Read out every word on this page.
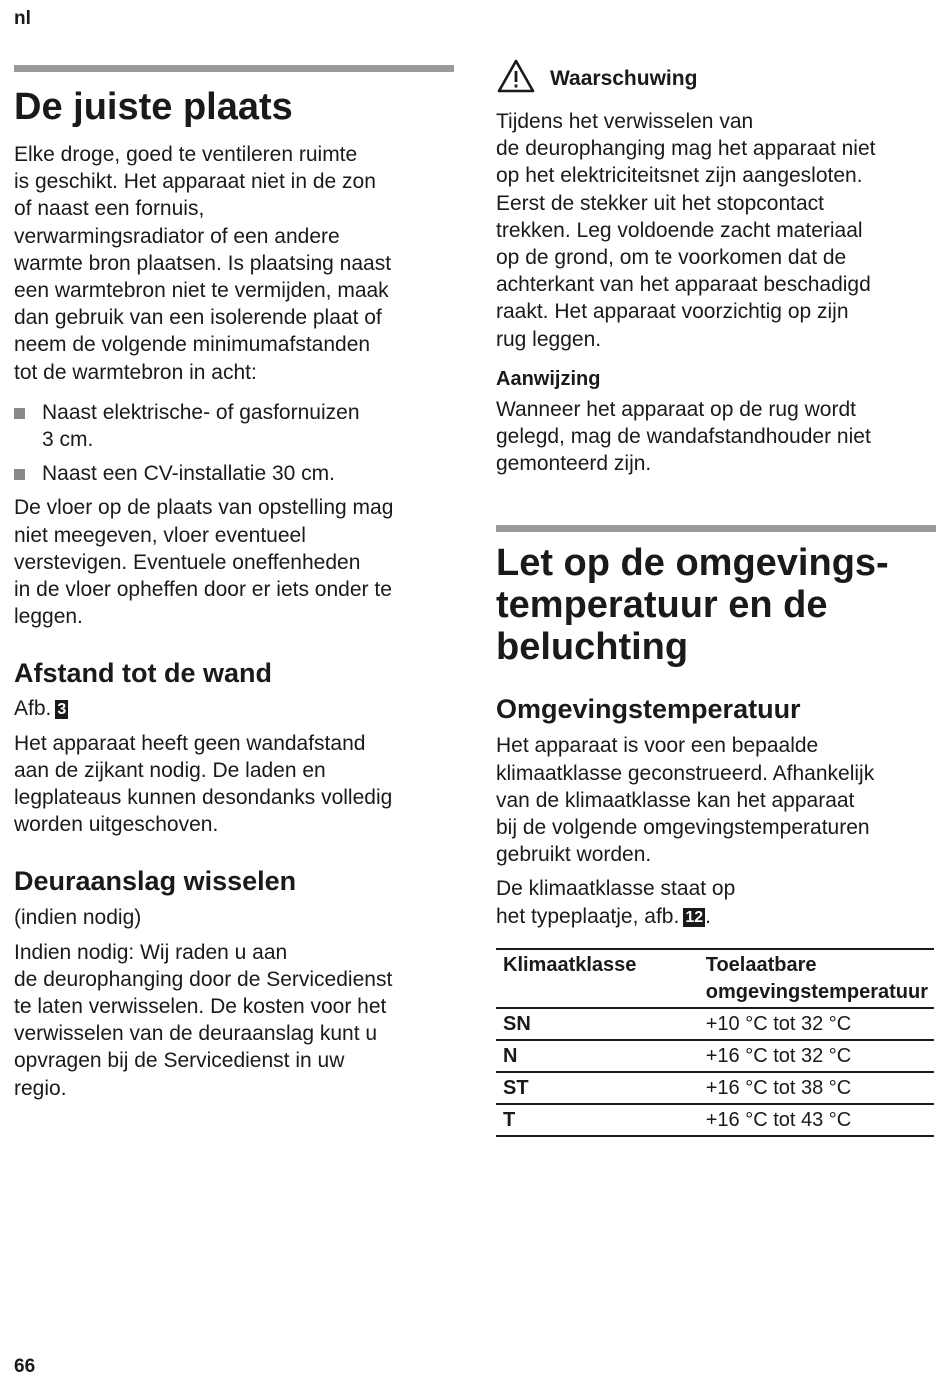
nl
De juiste plaats

Elke droge, goed te ventileren ruimte

is geschikt. Het apparaat niet in de zon

of naast een fornuis,

verwarmingsradiator of een andere

warmte bron plaatsen. Is plaatsing naast

een warmtebron niet te vermijden, maak

dan gebruik van een isolerende plaat of

neem de volgende minimumafstanden

tot de warmtebron in acht:

Naast elektrische- of gasfornuizen
3 cm.
Naast een CV-installatie 30 cm.

De vloer op de plaats van opstelling mag

niet meegeven, vloer eventueel

verstevigen. Eventuele oneffenheden

in de vloer opheffen door er iets onder te

leggen.

Afstand tot de wand

Afb. 3

Het apparaat heeft geen wandafstand

aan de zijkant nodig. De laden en

legplateaus kunnen desondanks volledig

worden uitgeschoven.

Deuraanslag wisselen

(indien nodig)

Indien nodig: Wij raden u aan

de deurophanging door de Servicedienst

te laten verwisselen. De kosten voor het

verwisselen van de deuraanslag kunt u

opvragen bij de Servicedienst in uw

regio.

Waarschuwing

Tijdens het verwisselen van

de deurophanging mag het apparaat niet

op het elektriciteitsnet zijn aangesloten.

Eerst de stekker uit het stopcontact

trekken. Leg voldoende zacht materiaal

op de grond, om te voorkomen dat de

achterkant van het apparaat beschadigd

raakt. Het apparaat voorzichtig op zijn

rug leggen.

Aanwijzing

Wanneer het apparaat op de rug wordt

gelegd, mag de wandafstandhouder niet

gemonteerd zijn.

Let op de omgevings-
temperatuur en de
beluchting
Omgevingstemperatuur

Het apparaat is voor een bepaalde

klimaatklasse geconstrueerd. Afhankelijk

van de klimaatklasse kan het apparaat

bij de volgende omgevingstemperaturen

gebruikt worden.

De klimaatklasse staat op

het typeplaatje, afb. 12.

Klimaatklasse	Toelaatbare
omgevingstemperatuur

SN	+10 °C tot 32 °C
N	+16 °C tot 32 °C
ST	+16 °C tot 38 °C
T	+16 °C tot 43 °C
66
